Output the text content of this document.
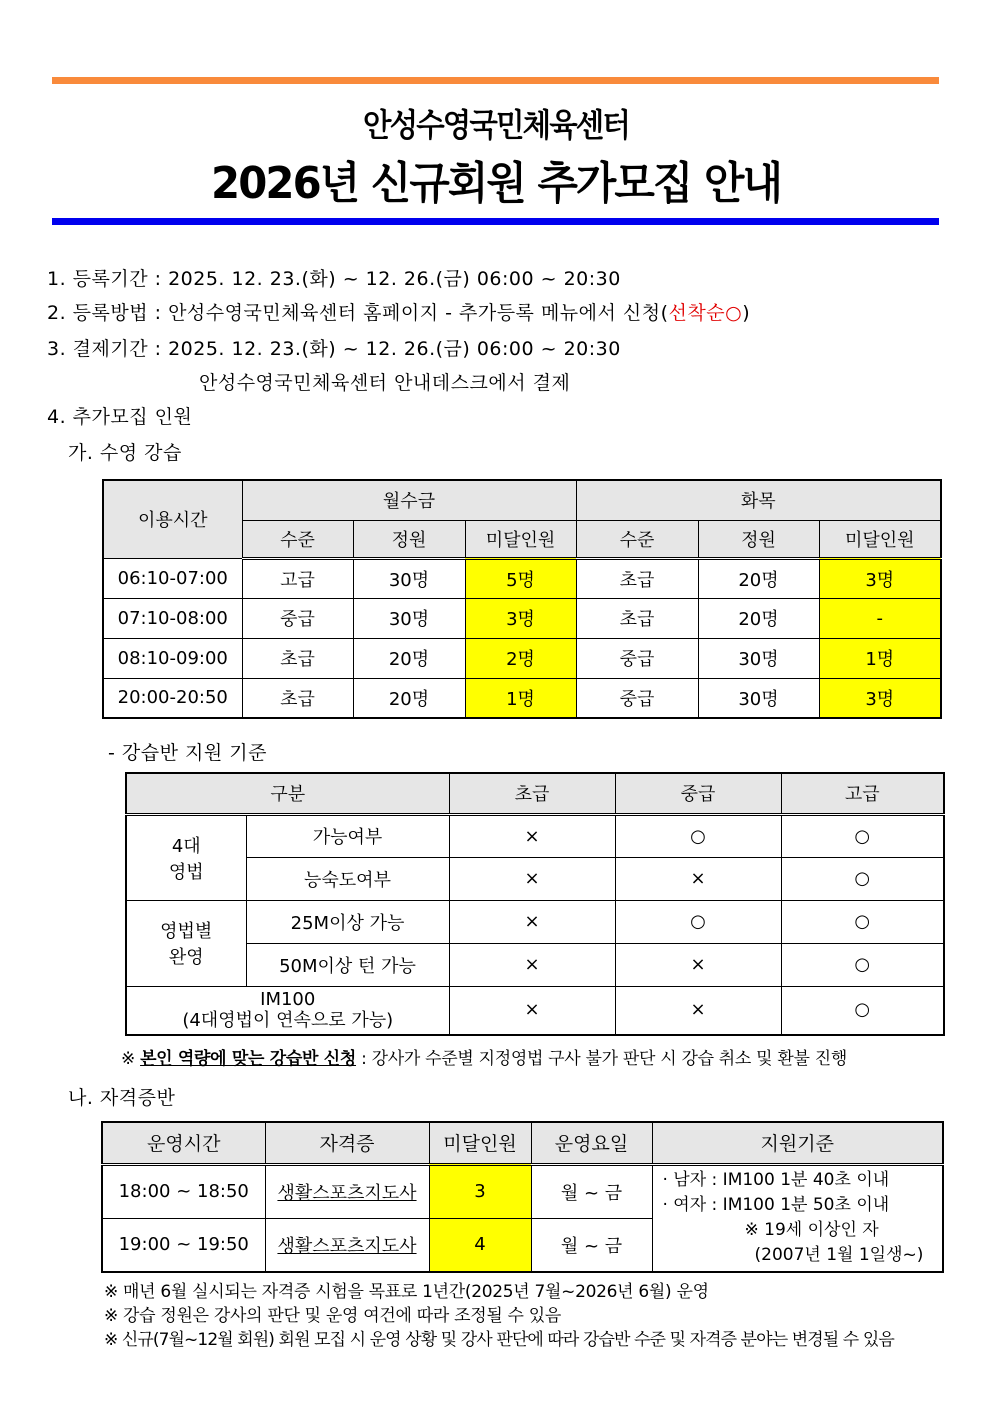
안성수영국민체육센터
2026년 신규회원 추가모집 안내
1. 등록기간 : 2025. 12. 23.(화) ~ 12. 26.(금) 06:00 ~ 20:30
2. 등록방법 : 안성수영국민체육센터 홈페이지 - 추가등록 메뉴에서 신청(선착순○)
3. 결제기간 : 2025. 12. 23.(화) ~ 12. 26.(금) 06:00 ~ 20:30
안성수영국민체육센터 안내데스크에서 결제
4. 추가모집 인원
가. 수영 강습
이용시간	월수금			화목		
	수준	정원	미달인원	수준	정원	미달인원
06:10-07:00	고급	30명	5명	초급	20명	3명
07:10-08:00	중급	30명	3명	초급	20명	-
08:10-09:00	초급	20명	2명	중급	30명	1명
20:00-20:50	초급	20명	1명	중급	30명	3명
- 강습반 지원 기준
구분		초급	중급	고급

4대
영법	가능여부	×	○	○
	능숙도여부	×	×	○

영법별
완영	25M이상 가능	×	○	○
	50M이상 턴 가능	×	×	○

IM100
(4대영법이 연속으로 가능)		×	×	○
※ 본인 역량에 맞는 강습반 신청 : 강사가 수준별 지정영법 구사 불가 판단 시 강습 취소 및 환불 진행
나. 자격증반
운영시간	자격증	미달인원	운영요일	지원기준
18:00 ~ 18:50	생활스포츠지도사	3	월 ~ 금	· 남자 : IM100 1분 40초 이내
· 여자 : IM100 1분 50초 이내
※ 19세 이상인 자
(2007년 1월 1일생~)

19:00 ~ 19:50	생활스포츠지도사	4	월 ~ 금	
※ 매년 6월 실시되는 자격증 시험을 목표로 1년간(2025년 7월~2026년 6월) 운영
※ 강습 정원은 강사의 판단 및 운영 여건에 따라 조정될 수 있음
※ 신규(7월~12월 회원) 회원 모집 시 운영 상황 및 강사 판단에 따라 강습반 수준 및 자격증 분야는 변경될 수 있음
